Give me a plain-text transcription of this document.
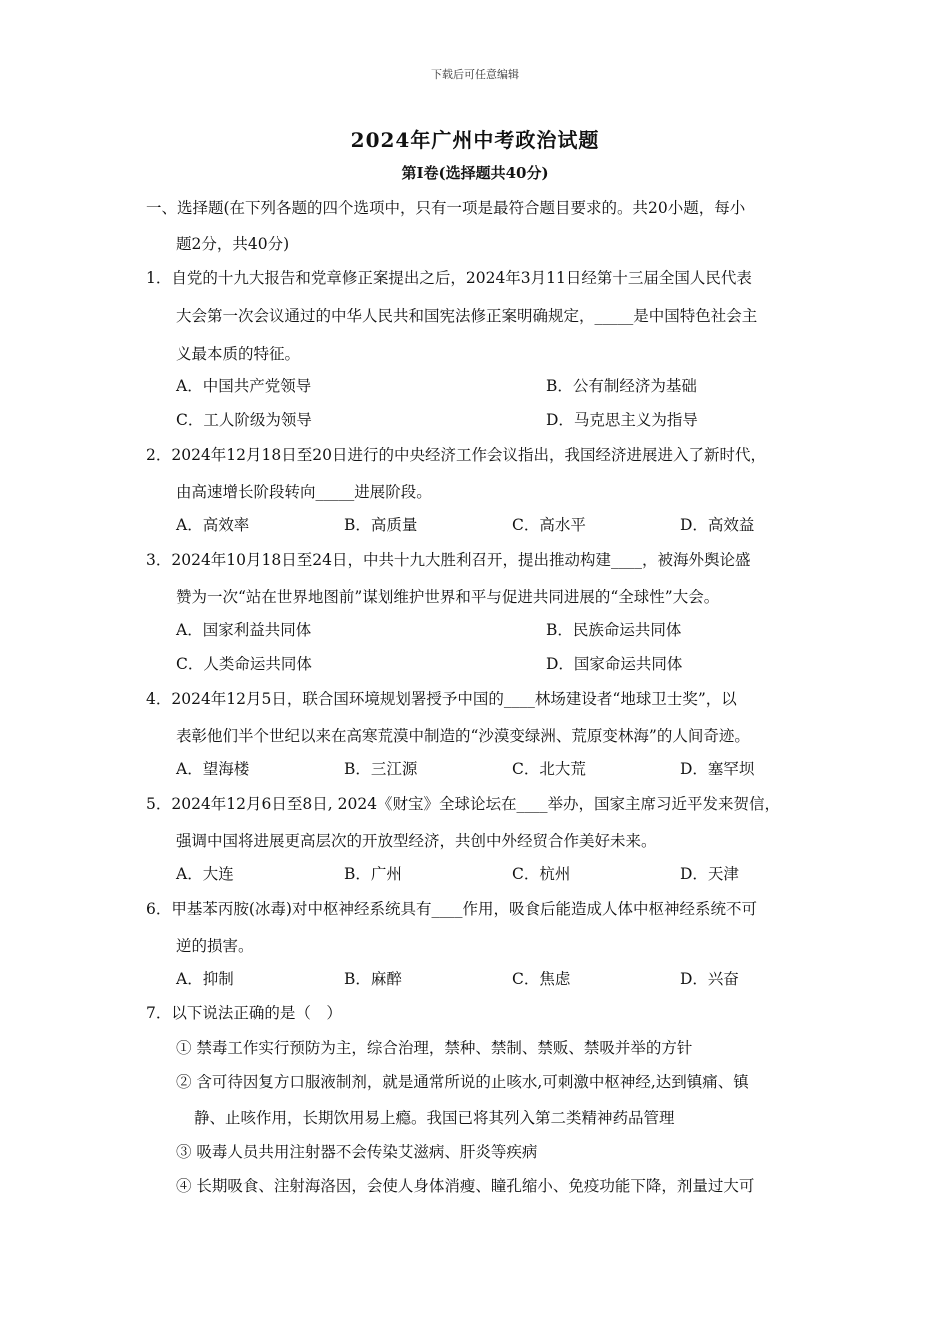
下载后可任意编辑
2024年广州中考政治试题
第I卷(选择题共40分)
一、选择题(在下列各题的四个选项中，只有一项是最符合题目要求的。共20小题，每小
题2分，共40分)
1．自党的十九大报告和党章修正案提出之后，2024年3月11日经第十三届全国人民代表
大会第一次会议通过的中华人民共和国宪法修正案明确规定，_____是中国特色社会主
义最本质的特征。
A．中国共产党领导	B．公有制经济为基础
C．工人阶级为领导	D．马克思主义为指导
2．2024年12月18日至20日进行的中央经济工作会议指出，我国经济进展进入了新时代，
由高速增长阶段转向_____进展阶段。
A．高效率	B．高质量	C．高水平	D．高效益
3．2024年10月18日至24日，中共十九大胜利召开，提出推动构建____，被海外舆论盛
赞为一次“站在世界地图前”谋划维护世界和平与促进共同进展的“全球性”大会。
A．国家利益共同体	B．民族命运共同体
C．人类命运共同体	D．国家命运共同体
4．2024年12月5日，联合国环境规划署授予中国的____林场建设者“地球卫士奖”，以
表彰他们半个世纪以来在高寒荒漠中制造的“沙漠变绿洲、荒原变林海”的人间奇迹。
A．望海楼	B．三江源	C．北大荒	D．塞罕坝
5．2024年12月6日至8日, 2024《财宝》全球论坛在____举办，国家主席习近平发来贺信，
强调中国将进展更高层次的开放型经济，共创中外经贸合作美好未来。
A．大连	B．广州	C．杭州	D．天津
6．甲基苯丙胺(冰毒)对中枢神经系统具有____作用，吸食后能造成人体中枢神经系统不可
逆的损害。
A．抑制	B．麻醉	C．焦虑	D．兴奋
7．以下说法正确的是（　）
① 禁毒工作实行预防为主，综合治理，禁种、禁制、禁贩、禁吸并举的方针
② 含可待因复方口服液制剂，就是通常所说的止咳水,可刺激中枢神经,达到镇痛、镇
静、止咳作用，长期饮用易上瘾。我国已将其列入第二类精神药品管理
③ 吸毒人员共用注射器不会传染艾滋病、肝炎等疾病
④ 长期吸食、注射海洛因，会使人身体消瘦、瞳孔缩小、免疫功能下降，剂量过大可
